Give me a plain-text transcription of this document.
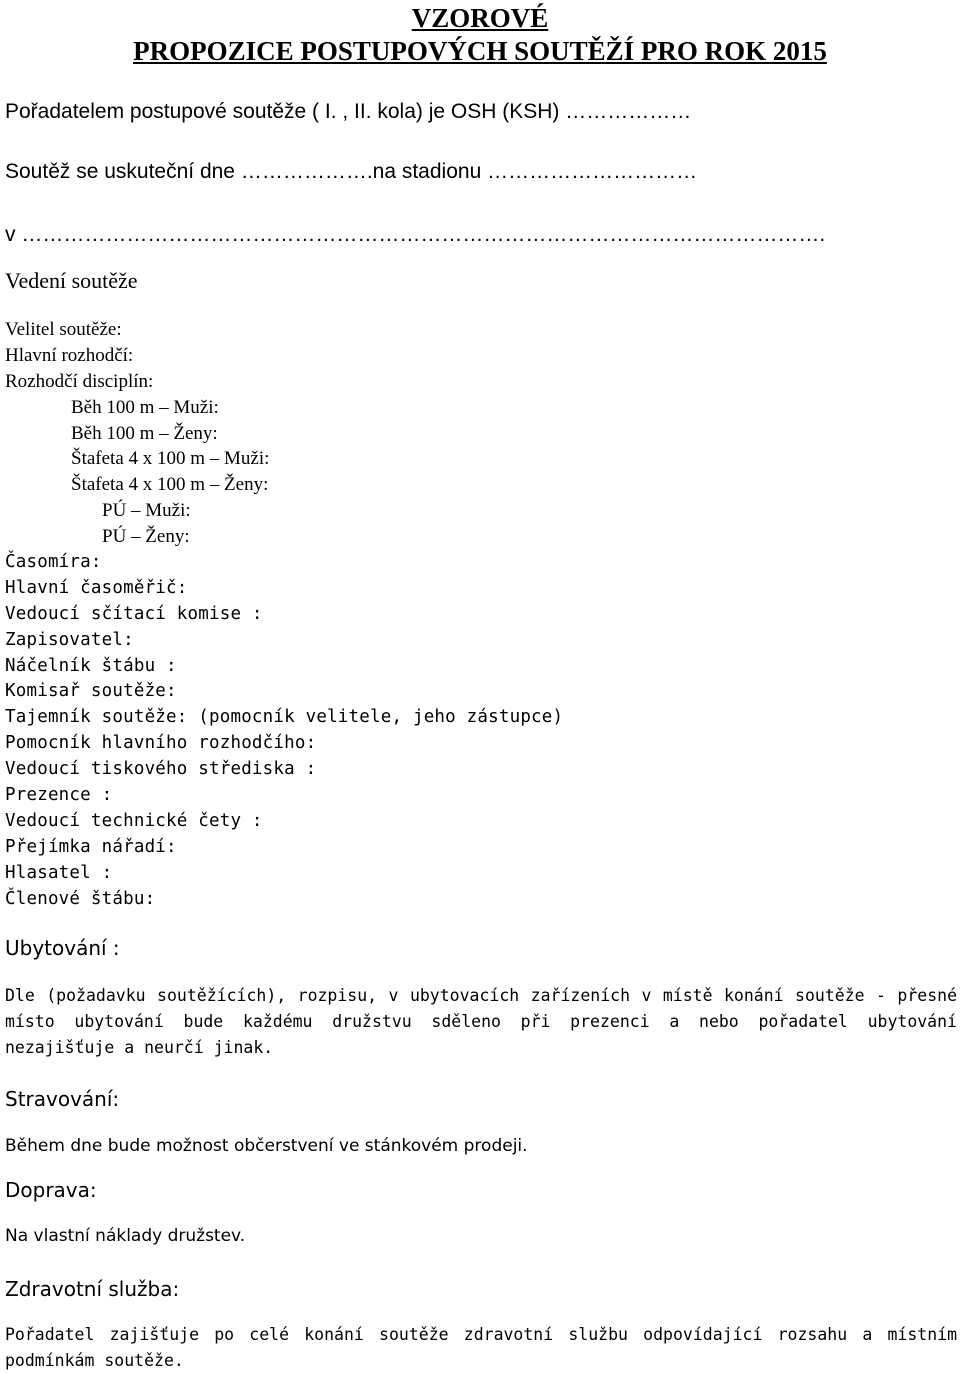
VZOROVÉ
PROPOZICE POSTUPOVÝCH SOUTĚŽÍ PRO ROK 2015
Pořadatelem postupové soutěže ( I. , II. kola) je OSH (KSH) ………………
Soutěž se uskuteční dne ……………….na stadionu …………………………
v …………………………………………………………………………………………………….
Vedení soutěže
Velitel soutěže:
Hlavní rozhodčí:
Rozhodčí disciplín:
Běh 100 m – Muži:
Běh 100 m – Ženy:
Štafeta 4 x 100 m – Muži:
Štafeta 4 x 100 m – Ženy:
PÚ – Muži:
PÚ – Ženy:
Časomíra:
Hlavní časoměřič:
Vedoucí sčítací komise :
Zapisovatel:
Náčelník štábu :
Komisař soutěže:
Tajemník soutěže: (pomocník velitele, jeho zástupce)
Pomocník hlavního rozhodčího:
Vedoucí tiskového střediska :
Prezence :
Vedoucí technické čety :
Přejímka nářadí:
Hlasatel :
Členové štábu:
Ubytování :
Dle (požadavku soutěžících), rozpisu, v ubytovacích zařízeních v místě konání soutěže - přesné místo ubytování bude každému družstvu sděleno při prezenci a nebo pořadatel ubytování nezajišťuje a neurčí jinak.
Stravování:
Během dne bude možnost občerstvení ve stánkovém prodeji.
Doprava:
Na vlastní náklady družstev.
Zdravotní služba:
Pořadatel zajišťuje po celé konání soutěže zdravotní službu odpovídající rozsahu a místním podmínkám soutěže.
